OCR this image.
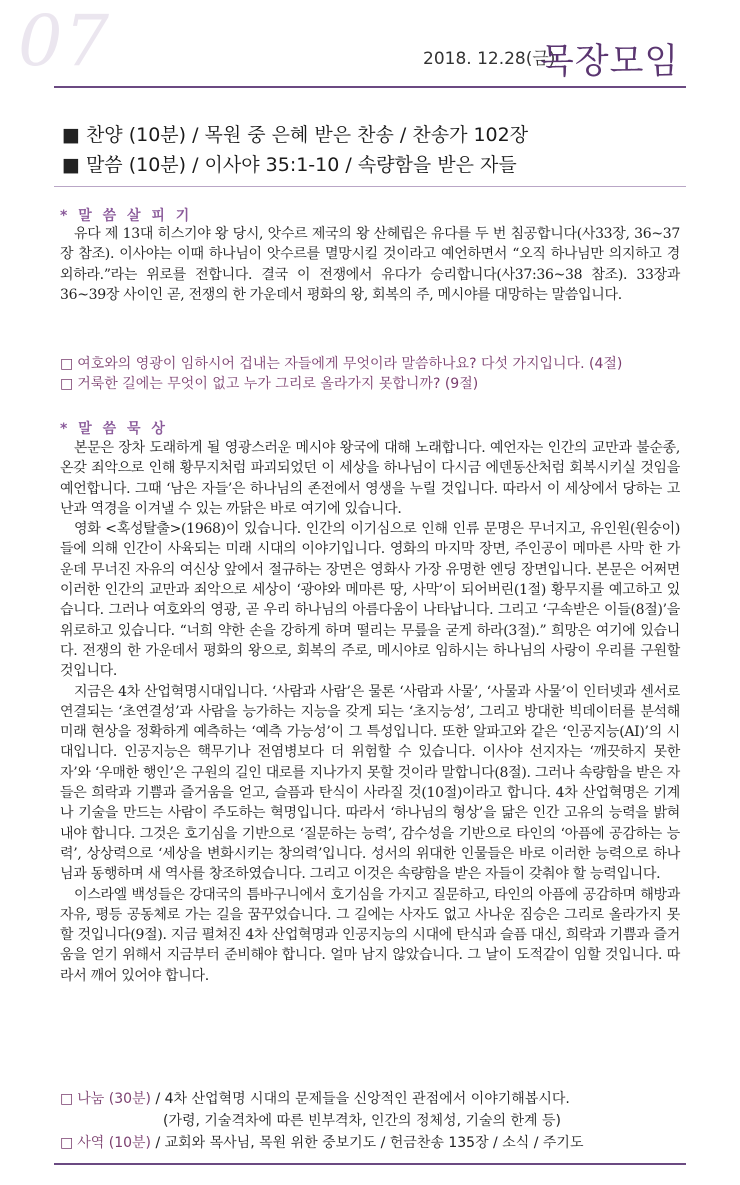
07	2018. 12.28(금)
목장모임
■ 찬양 (10분) / 목원 중 은혜 받은 찬송 / 찬송가 102장
■ 말씀 (10분) / 이사야 35:1-10 / 속량함을 받은 자들
* 말 씀 살 피 기

유다 제 13대 히스기야 왕 당시, 앗수르 제국의 왕 산헤립은 유다를 두 번 침공합니다(사33장, 36~37장 참조). 이사야는 이때 하나님이 앗수르를 멸망시킬 것이라고 예언하면서 “오직 하나님만 의지하고 경외하라.”라는 위로를 전합니다. 결국 이 전쟁에서 유다가 승리합니다(사37:36~38 참조). 33장과 36~39장 사이인 곧, 전쟁의 한 가운데서 평화의 왕, 회복의 주, 메시야를 대망하는 말씀입니다.

□ 여호와의 영광이 임하시어 겁내는 자들에게 무엇이라 말씀하나요? 다섯 가지입니다. (4절)
□ 거룩한 길에는 무엇이 없고 누가 그리로 올라가지 못합니까? (9절)
* 말 씀 묵 상

본문은 장차 도래하게 될 영광스러운 메시야 왕국에 대해 노래합니다. 예언자는 인간의 교만과 불순종, 온갖 죄악으로 인해 황무지처럼 파괴되었던 이 세상을 하나님이 다시금 에덴동산처럼 회복시키실 것임을 예언합니다. 그때 ‘남은 자들’은 하나님의 존전에서 영생을 누릴 것입니다. 따라서 이 세상에서 당하는 고난과 역경을 이겨낼 수 있는 까닭은 바로 여기에 있습니다.

영화 <혹성탈출>(1968)이 있습니다. 인간의 이기심으로 인해 인류 문명은 무너지고, 유인원(원숭이)들에 의해 인간이 사육되는 미래 시대의 이야기입니다. 영화의 마지막 장면, 주인공이 메마른 사막 한 가운데 무너진 자유의 여신상 앞에서 절규하는 장면은 영화사 가장 유명한 엔딩 장면입니다. 본문은 어쩌면 이러한 인간의 교만과 죄악으로 세상이 ‘광야와 메마른 땅, 사막’이 되어버린(1절) 황무지를 예고하고 있습니다. 그러나 여호와의 영광, 곧 우리 하나님의 아름다움이 나타납니다. 그리고 ‘구속받은 이들(8절)’을 위로하고 있습니다. “너희 약한 손을 강하게 하며 떨리는 무릎을 굳게 하라(3절).” 희망은 여기에 있습니다. 전쟁의 한 가운데서 평화의 왕으로, 회복의 주로, 메시야로 임하시는 하나님의 사랑이 우리를 구원할 것입니다.

지금은 4차 산업혁명시대입니다. ‘사람과 사람’은 물론 ‘사람과 사물’, ‘사물과 사물’이 인터넷과 센서로 연결되는 ‘초연결성’과 사람을 능가하는 지능을 갖게 되는 ‘초지능성’, 그리고 방대한 빅데이터를 분석해 미래 현상을 정확하게 예측하는 ‘예측 가능성’이 그 특성입니다. 또한 알파고와 같은 ‘인공지능(AI)’의 시대입니다. 인공지능은 핵무기나 전염병보다 더 위험할 수 있습니다. 이사야 선지자는 ‘깨끗하지 못한 자’와 ‘우매한 행인’은 구원의 길인 대로를 지나가지 못할 것이라 말합니다(8절). 그러나 속량함을 받은 자들은 희락과 기쁨과 즐거움을 얻고, 슬픔과 탄식이 사라질 것(10절)이라고 합니다. 4차 산업혁명은 기계나 기술을 만드는 사람이 주도하는 혁명입니다. 따라서 ‘하나님의 형상’을 닮은 인간 고유의 능력을 밝혀내야 합니다. 그것은 호기심을 기반으로 ‘질문하는 능력’, 감수성을 기반으로 타인의 ‘아픔에 공감하는 능력’, 상상력으로 ‘세상을 변화시키는 창의력’입니다. 성서의 위대한 인물들은 바로 이러한 능력으로 하나님과 동행하며 새 역사를 창조하였습니다. 그리고 이것은 속량함을 받은 자들이 갖춰야 할 능력입니다.

이스라엘 백성들은 강대국의 틈바구니에서 호기심을 가지고 질문하고, 타인의 아픔에 공감하며 해방과 자유, 평등 공동체로 가는 길을 꿈꾸었습니다. 그 길에는 사자도 없고 사나운 짐승은 그리로 올라가지 못할 것입니다(9절). 지금 펼쳐진 4차 산업혁명과 인공지능의 시대에 탄식과 슬픔 대신, 희락과 기쁨과 즐거움을 얻기 위해서 지금부터 준비해야 합니다. 얼마 남지 않았습니다. 그 날이 도적같이 임할 것입니다. 따라서 깨어 있어야 합니다.

□ 나눔 (30분) / 4차 산업혁명 시대의 문제들을 신앙적인 관점에서 이야기해봅시다.
(가령, 기술격차에 따른 빈부격차, 인간의 정체성, 기술의 한계 등)
□ 사역 (10분) / 교회와 목사님, 목원 위한 중보기도 / 헌금찬송 135장 / 소식 / 주기도
